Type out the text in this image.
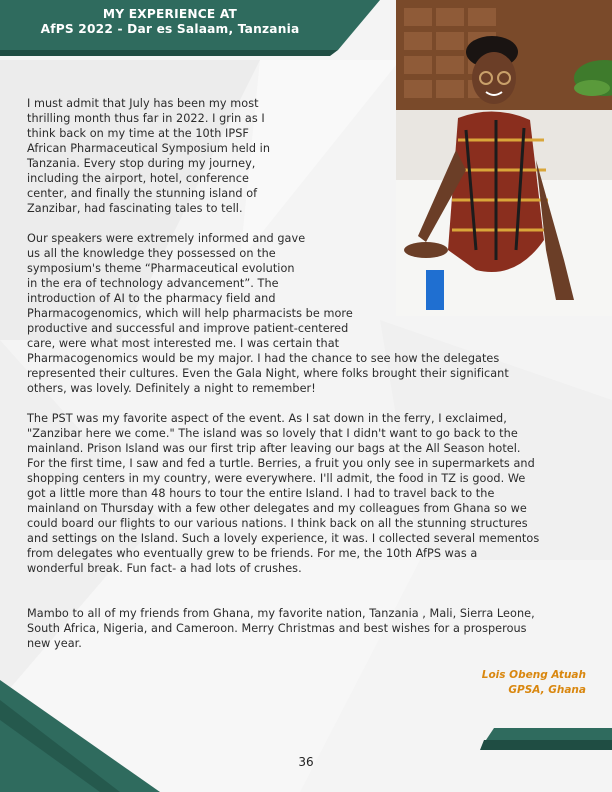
MY EXPERIENCE AT
AfPS 2022 - Dar es Salaam, Tanzania

I must admit that July has been my most
thrilling month thus far in 2022. I grin as I
think back on my time at the 10th IPSF
African Pharmaceutical Symposium held in
Tanzania. Every stop during my journey,
including the airport, hotel, conference
center, and finally the stunning island of
Zanzibar, had fascinating tales to tell.

Our speakers were extremely informed and gave
us all the knowledge they possessed on the
symposium's theme “Pharmaceutical evolution
in the era of technology advancement”. The
introduction of AI to the pharmacy field and
Pharmacogenomics, which will help pharmacists be more
productive and successful and improve patient-centered
care, were what most interested me. I was certain that
Pharmacogenomics would be my major. I had the chance to see how the delegates
represented their cultures. Even the Gala Night, where folks brought their significant
others, was lovely. Definitely a night to remember!

The PST was my favorite aspect of the event. As I sat down in the ferry, I exclaimed,
"Zanzibar here we come." The island was so lovely that I didn't want to go back to the
mainland. Prison Island was our first trip after leaving our bags at the All Season hotel.
For the first time, I saw and fed a turtle. Berries, a fruit you only see in supermarkets and
shopping centers in my country, were everywhere. I'll admit, the food in TZ is good. We
got a little more than 48 hours to tour the entire Island. I had to travel back to the
mainland on Thursday with a few other delegates and my colleagues from Ghana so we
could board our flights to our various nations. I think back on all the stunning structures
and settings on the Island. Such a lovely experience, it was. I collected several mementos
from delegates who eventually grew to be friends. For me, the 10th AfPS was a
wonderful break. Fun fact- a had lots of crushes.

Mambo to all of my friends from Ghana, my favorite nation, Tanzania , Mali, Sierra Leone,
South Africa, Nigeria, and Cameroon. Merry Christmas and best wishes for a prosperous
new year.

Lois Obeng Atuah
GPSA, Ghana
36
